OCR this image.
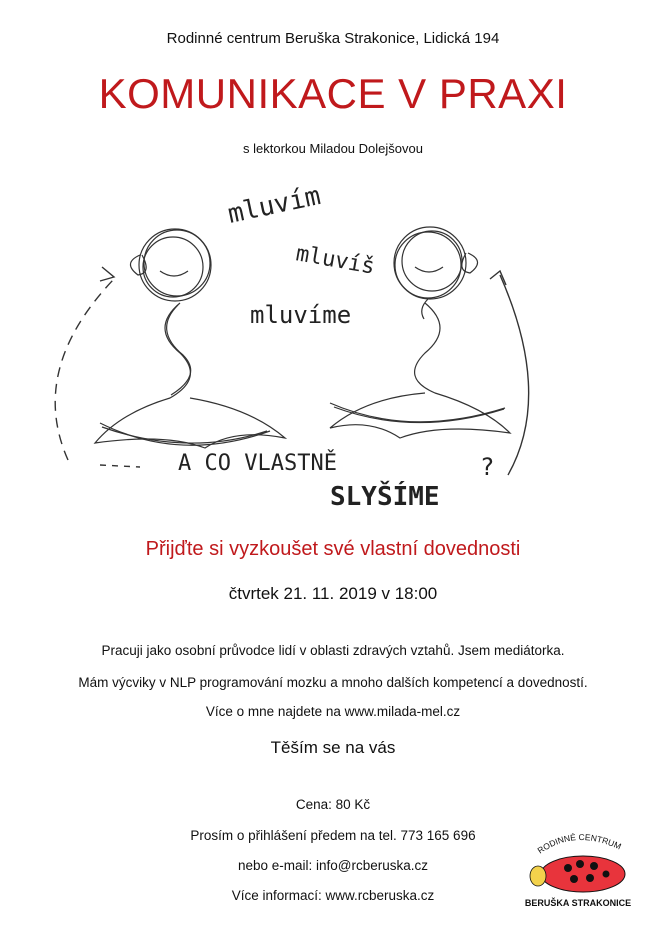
Rodinné centrum Beruška Strakonice, Lidická 194
KOMUNIKACE V PRAXI
s lektorkou Miladou Dolejšovou
mluvím
mluvíš
mluvíme
A CO VLASTNĚ
SLYŠÍME
?
Přijďte si vyzkoušet své vlastní dovednosti
čtvrtek 21. 11. 2019 v 18:00
Pracuji jako osobní průvodce lidí v oblasti zdravých vztahů. Jsem mediátorka.
Mám výcviky v NLP programování mozku a mnoho dalších kompetencí a dovedností.
Více o mne najdete na www.milada-mel.cz
Těším se na vás
Cena: 80 Kč
Prosím o přihlášení předem na tel. 773 165 696
nebo e-mail: info@rcberuska.cz
Více informací: www.rcberuska.cz
RODINNÉ CENTRUM
BERUŠKA STRAKONICE
